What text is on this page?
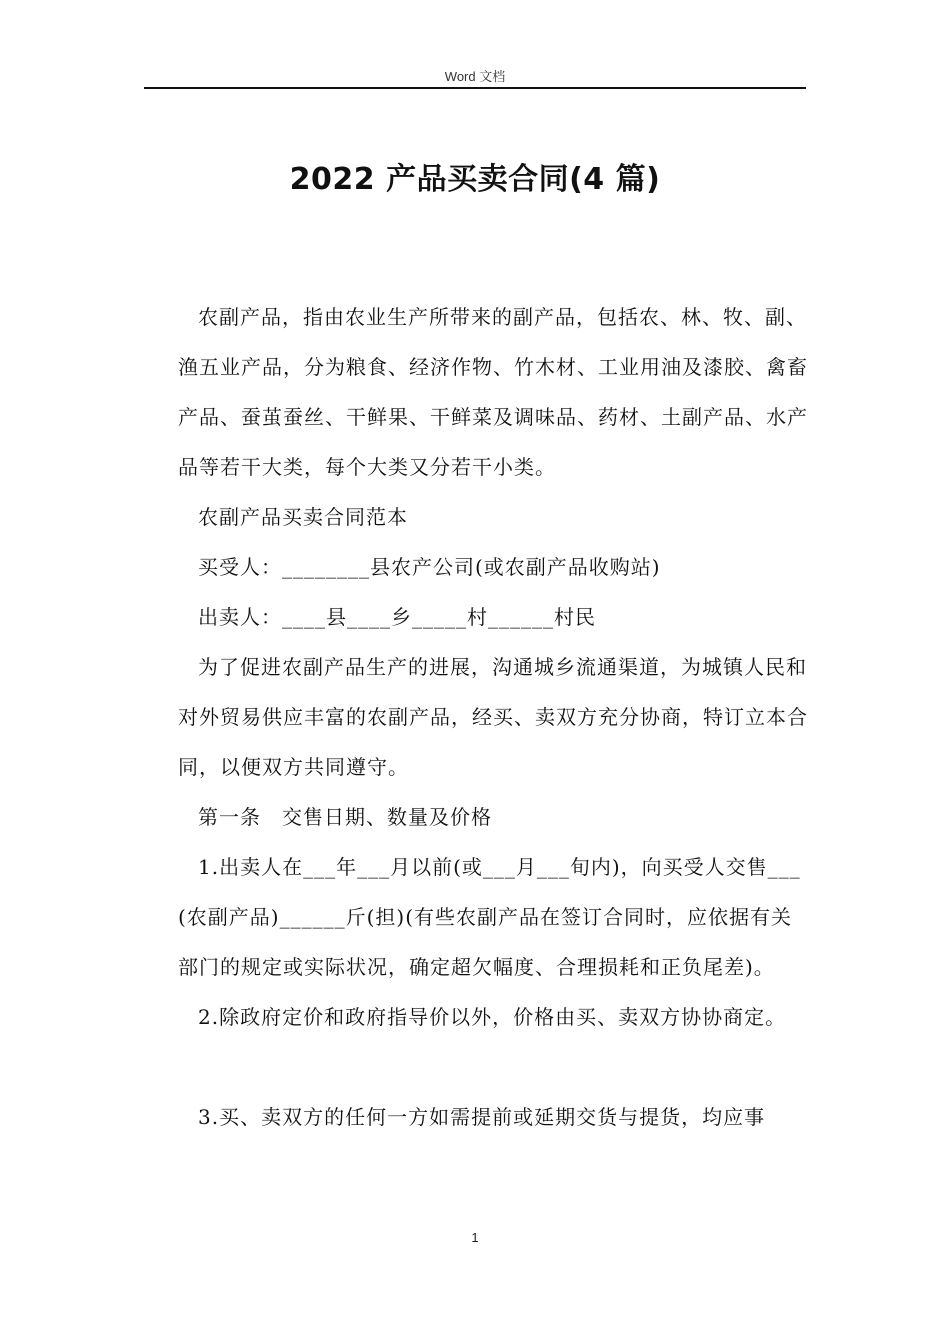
Word 文档
2022 产品买卖合同(4 篇)

农副产品，指由农业生产所带来的副产品，包括农、林、牧、副、渔五业产品，分为粮食、经济作物、竹木材、工业用油及漆胶、禽畜产品、蚕茧蚕丝、干鲜果、干鲜菜及调味品、药材、土副产品、水产品等若干大类，每个大类又分若干小类。

农副产品买卖合同范本

买受人：________县农产公司(或农副产品收购站)

出卖人：____县____乡_____村______村民

为了促进农副产品生产的进展，沟通城乡流通渠道，为城镇人民和对外贸易供应丰富的农副产品，经买、卖双方充分协商，特订立本合同，以便双方共同遵守。

第一条　交售日期、数量及价格

1.出卖人在___年___月以前(或___月___旬内)，向买受人交售___(农副产品)______斤(担)(有些农副产品在签订合同时，应依据有关部门的规定或实际状况，确定超欠幅度、合理损耗和正负尾差)。

2.除政府定价和政府指导价以外，价格由买、卖双方协协商定。

3.买、卖双方的任何一方如需提前或延期交货与提货，均应事

1
